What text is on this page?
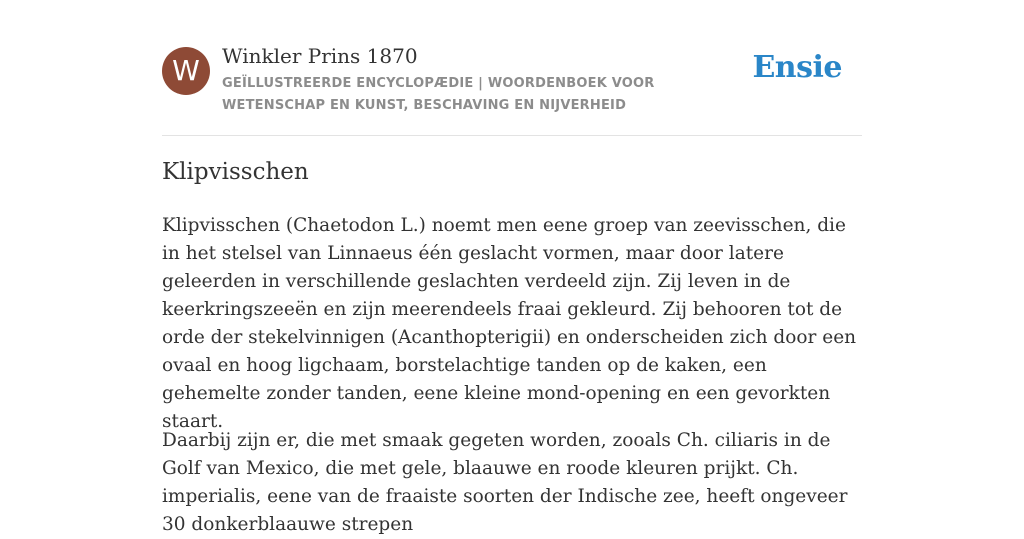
W	Winkler Prins 1870
GEÏLLUSTREERDE ENCYCLOPÆDIE | WOORDENBOEK VOOR WETENSCHAP EN KUNST, BESCHAVING EN NIJVERHEID
Ensie
Klipvisschen

Klipvisschen (Chaetodon L.) noemt men eene groep van zeevisschen, die in het stelsel van Linnaeus één geslacht vormen, maar door latere geleerden in verschillende geslachten verdeeld zijn. Zij leven in de keerkringszeeën en zijn meerendeels fraai gekleurd. Zij behooren tot de orde der stekelvinnigen (Acanthopterigii) en onderscheiden zich door een ovaal en hoog ligchaam, borstelachtige tanden op de kaken, een gehemelte zonder tanden, eene kleine mond-opening en een gevorkten staart.

Daarbij zijn er, die met smaak gegeten worden, zooals Ch. ciliaris in de Golf van Mexico, die met gele, blaauwe en roode kleuren prijkt. Ch. imperialis, eene van de fraaiste soorten der Indische zee, heeft ongeveer 30 donkerblaauwe strepen
